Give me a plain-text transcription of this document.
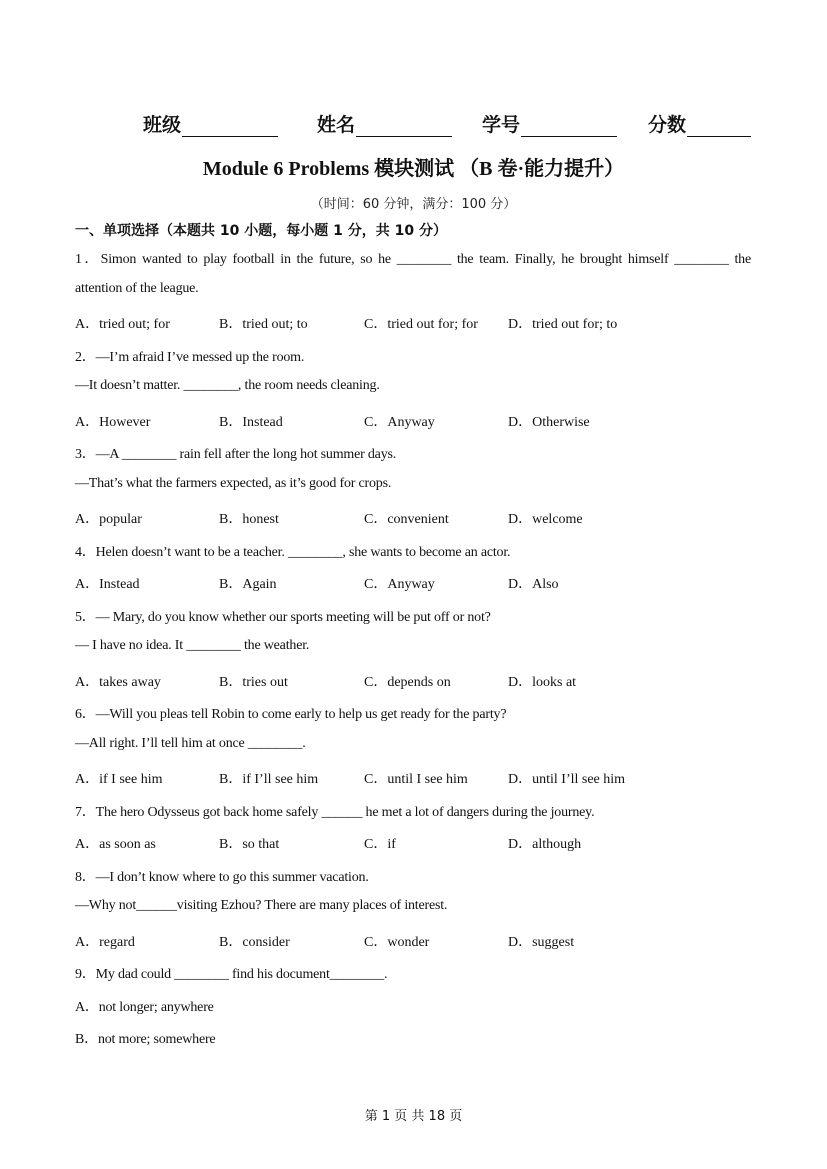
班级	姓名	学号	分数
Module 6 Problems 模块测试 （B 卷·能力提升）
（时间：60 分钟，满分：100 分）
一、单项选择（本题共 10 小题，每小题 1 分，共 10 分）
1．Simon wanted to play football in the future, so he ________ the team. Finally, he brought himself ________ the
attention of the league.
A．tried out; for	B．tried out; to	C．tried out for; for D．tried out for; to
2．—I’m afraid I’ve messed up the room.
—It doesn’t matter. ________, the room needs cleaning.
A．However	B．Instead	C．Anyway	D．Otherwise
3．—A ________ rain fell after the long hot summer days.
—That’s what the farmers expected, as it’s good for crops.
A．popular	B．honest	C．convenient	D．welcome
4．Helen doesn’t want to be a teacher. ________, she wants to become an actor.
A．Instead	B．Again	C．Anyway	D．Also
5．— Mary, do you know whether our sports meeting will be put off or not?
— I have no idea. It ________ the weather.
A．takes away	B．tries out	C．depends on	D．looks at
6．—Will you pleas tell Robin to come early to help us get ready for the party?
—All right. I’ll tell him at once ________.
A．if I see him	B．if I’ll see him	C．until I see him	D．until I’ll see him
7．The hero Odysseus got back home safely ______ he met a lot of dangers during the journey.
A．as soon as	B．so that	C．if	D．although
8．—I don’t know where to go this summer vacation.
—Why not______visiting Ezhou? There are many places of interest.
A．regard	B．consider	C．wonder	D．suggest
9．My dad could ________ find his document________.
A．not longer; anywhere
B．not more; somewhere
第 1 页 共 18 页
